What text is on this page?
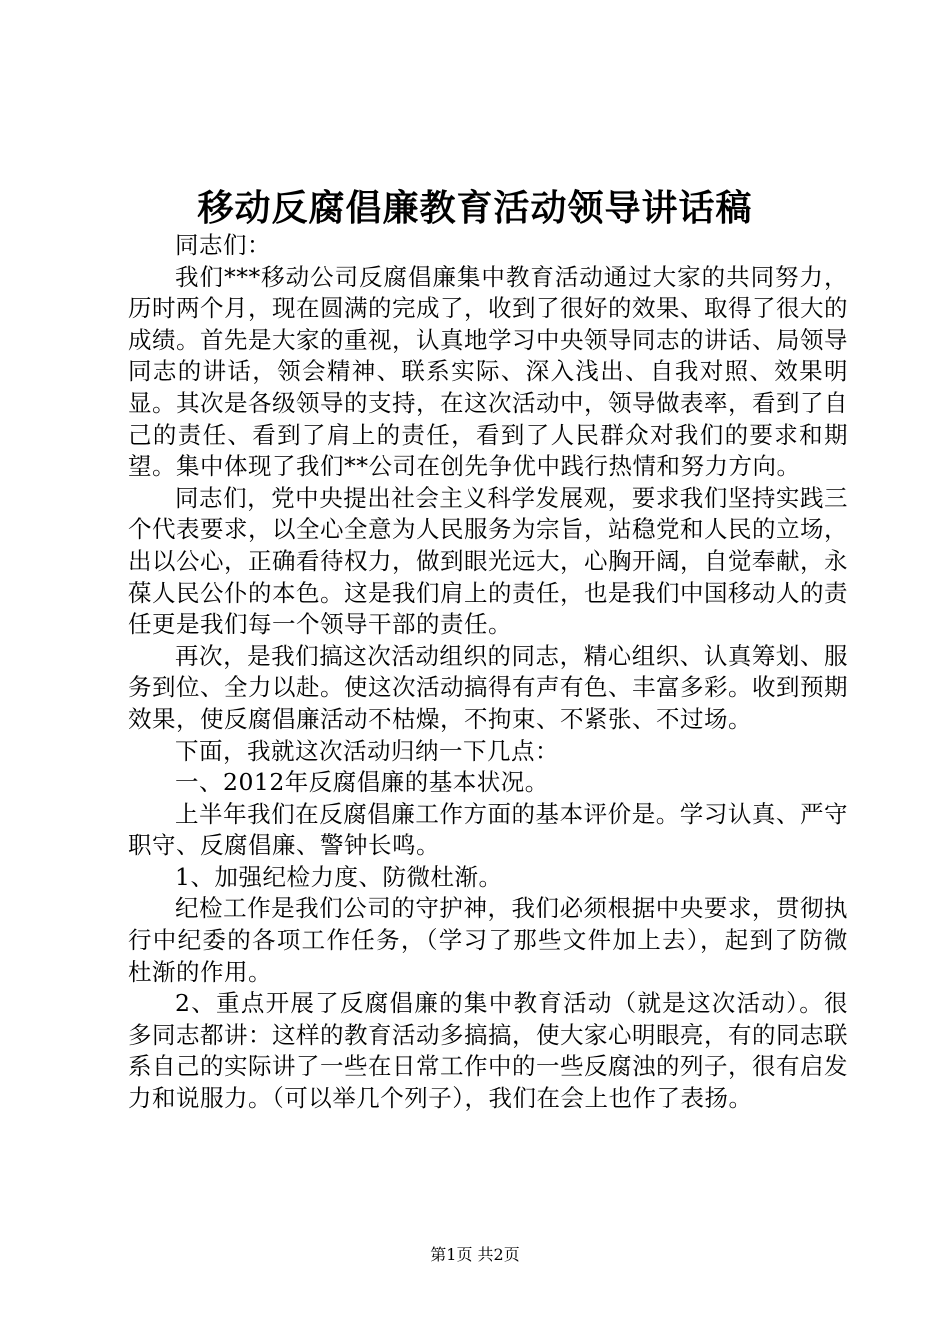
移动反腐倡廉教育活动领导讲话稿

同志们：

我们***移动公司反腐倡廉集中教育活动通过大家的共同努力，历时两个月，现在圆满的完成了，收到了很好的效果、取得了很大的成绩。首先是大家的重视，认真地学习中央领导同志的讲话、局领导同志的讲话，领会精神、联系实际、深入浅出、自我对照、效果明显。其次是各级领导的支持，在这次活动中，领导做表率，看到了自己的责任、看到了肩上的责任，看到了人民群众对我们的要求和期望。集中体现了我们**公司在创先争优中践行热情和努力方向。

同志们，党中央提出社会主义科学发展观，要求我们坚持实践三个代表要求，以全心全意为人民服务为宗旨，站稳党和人民的立场，出以公心，正确看待权力，做到眼光远大，心胸开阔，自觉奉献，永葆人民公仆的本色。这是我们肩上的责任，也是我们中国移动人的责任更是我们每一个领导干部的责任。

再次，是我们搞这次活动组织的同志，精心组织、认真筹划、服务到位、全力以赴。使这次活动搞得有声有色、丰富多彩。收到预期效果，使反腐倡廉活动不枯燥，不拘束、不紧张、不过场。

下面，我就这次活动归纳一下几点：

一、2012年反腐倡廉的基本状况。

上半年我们在反腐倡廉工作方面的基本评价是。学习认真、严守职守、反腐倡廉、警钟长鸣。

1、加强纪检力度、防微杜渐。

纪检工作是我们公司的守护神，我们必须根据中央要求，贯彻执行中纪委的各项工作任务，（学习了那些文件加上去），起到了防微杜渐的作用。

2、重点开展了反腐倡廉的集中教育活动（就是这次活动）。很多同志都讲：这样的教育活动多搞搞，使大家心明眼亮，有的同志联系自己的实际讲了一些在日常工作中的一些反腐浊的列子，很有启发力和说服力。（可以举几个列子），我们在会上也作了表扬。

第1页 共2页
